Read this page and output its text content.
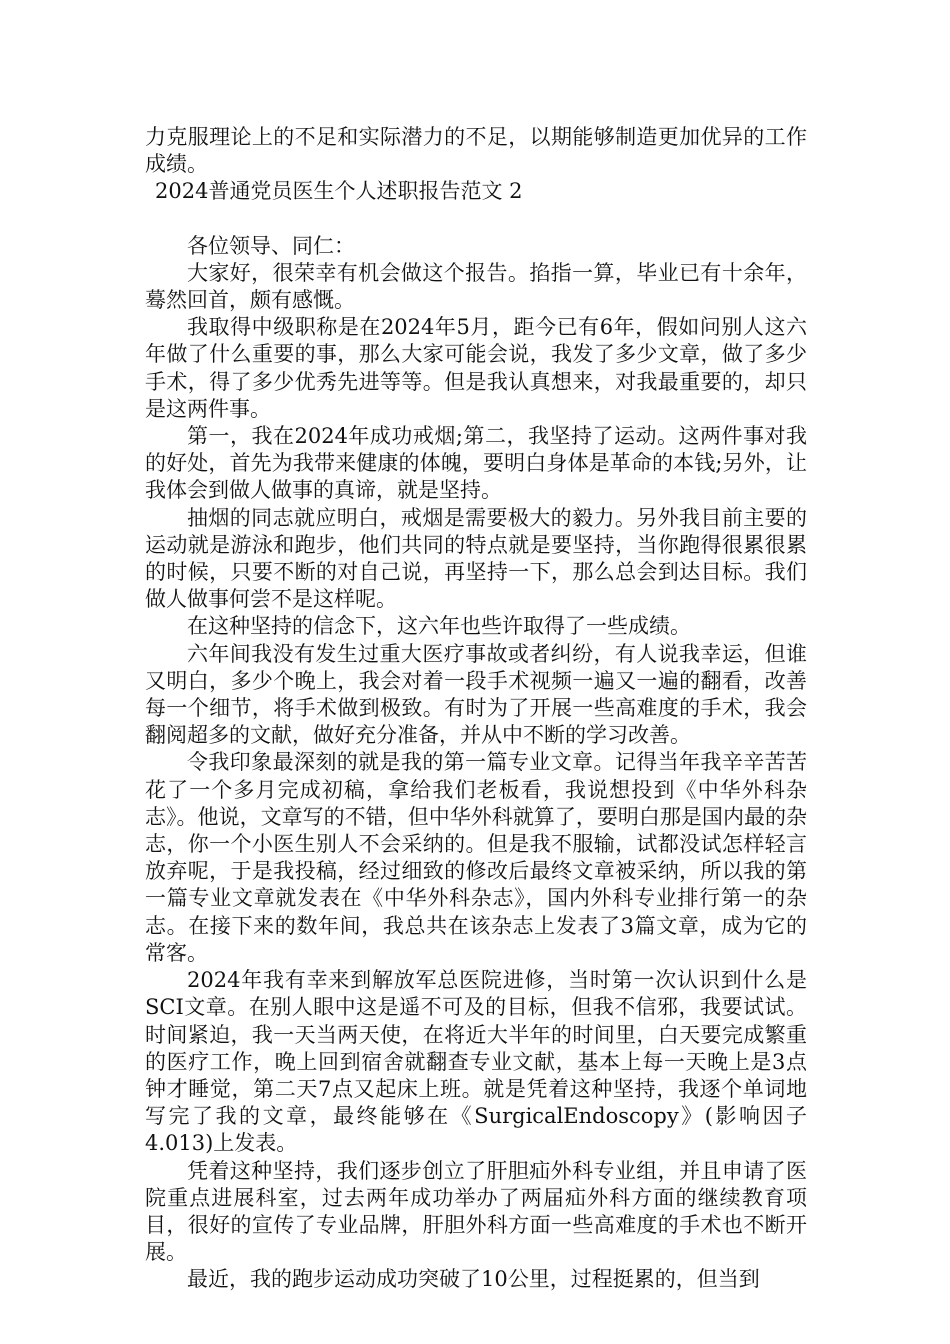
力克服理论上的不足和实际潜力的不足，以期能够制造更加优异的工作成绩。

2024普通党员医生个人述职报告范文 2

各位领导、同仁：

大家好，很荣幸有机会做这个报告。掐指一算，毕业已有十余年，蓦然回首，颇有感慨。

我取得中级职称是在2024年5月，距今已有6年，假如问别人这六年做了什么重要的事，那么大家可能会说，我发了多少文章，做了多少手术，得了多少优秀先进等等。但是我认真想来，对我最重要的，却只是这两件事。

第一，我在2024年成功戒烟;第二，我坚持了运动。这两件事对我的好处，首先为我带来健康的体魄，要明白身体是革命的本钱;另外，让我体会到做人做事的真谛，就是坚持。

抽烟的同志就应明白，戒烟是需要极大的毅力。另外我目前主要的运动就是游泳和跑步，他们共同的特点就是要坚持，当你跑得很累很累的时候，只要不断的对自己说，再坚持一下，那么总会到达目标。我们做人做事何尝不是这样呢。

在这种坚持的信念下，这六年也些许取得了一些成绩。

六年间我没有发生过重大医疗事故或者纠纷，有人说我幸运，但谁又明白，多少个晚上，我会对着一段手术视频一遍又一遍的翻看，改善每一个细节，将手术做到极致。有时为了开展一些高难度的手术，我会翻阅超多的文献，做好充分准备，并从中不断的学习改善。

令我印象最深刻的就是我的第一篇专业文章。记得当年我辛辛苦苦花了一个多月完成初稿，拿给我们老板看，我说想投到《中华外科杂志》。他说，文章写的不错，但中华外科就算了，要明白那是国内最的杂志，你一个小医生别人不会采纳的。但是我不服输，试都没试怎样轻言放弃呢，于是我投稿，经过细致的修改后最终文章被采纳，所以我的第一篇专业文章就发表在《中华外科杂志》，国内外科专业排行第一的杂志。在接下来的数年间，我总共在该杂志上发表了3篇文章，成为它的常客。

2024年我有幸来到解放军总医院进修，当时第一次认识到什么是SCI文章。在别人眼中这是遥不可及的目标，但我不信邪，我要试试。时间紧迫，我一天当两天使，在将近大半年的时间里，白天要完成繁重的医疗工作，晚上回到宿舍就翻查专业文献，基本上每一天晚上是3点钟才睡觉，第二天7点又起床上班。就是凭着这种坚持，我逐个单词地写完了我的文章，最终能够在《SurgicalEndoscopy》(影响因子4.013)上发表。

凭着这种坚持，我们逐步创立了肝胆疝外科专业组，并且申请了医院重点进展科室，过去两年成功举办了两届疝外科方面的继续教育项目，很好的宣传了专业品牌，肝胆外科方面一些高难度的手术也不断开展。

最近，我的跑步运动成功突破了10公里，过程挺累的，但当到
